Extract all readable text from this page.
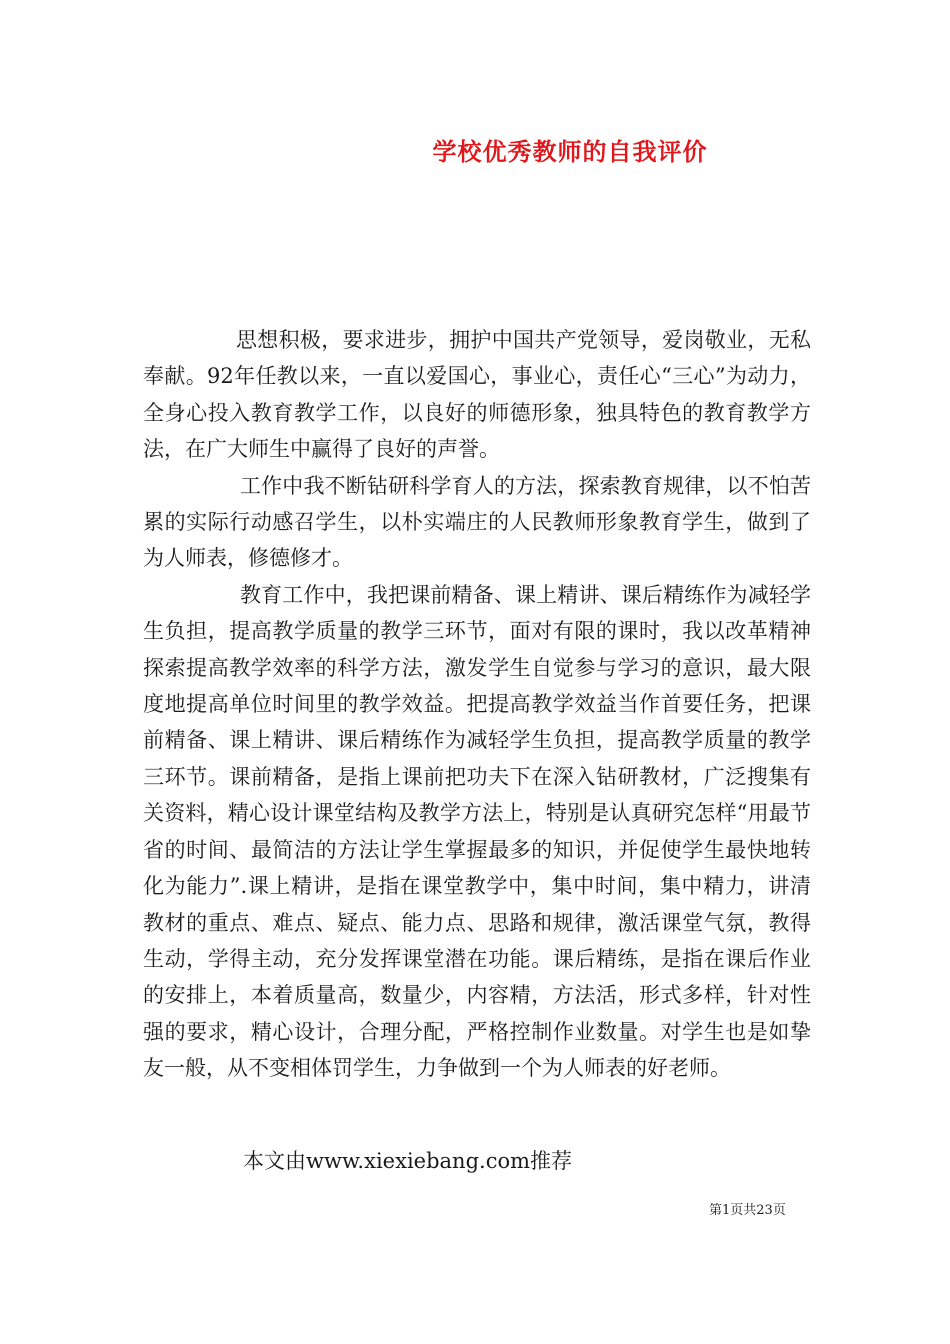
学校优秀教师的自我评价

思想积极，要求进步，拥护中国共产党领导，爱岗敬业，无私奉献。92年任教以来，一直以爱国心，事业心，责任心“三心”为动力，全身心投入教育教学工作，以良好的师德形象，独具特色的教育教学方法，在广大师生中赢得了良好的声誉。

工作中我不断钻研科学育人的方法，探索教育规律，以不怕苦累的实际行动感召学生，以朴实端庄的人民教师形象教育学生，做到了为人师表，修德修才。

教育工作中，我把课前精备、课上精讲、课后精练作为减轻学生负担，提高教学质量的教学三环节，面对有限的课时，我以改革精神探索提高教学效率的科学方法，激发学生自觉参与学习的意识，最大限度地提高单位时间里的教学效益。把提高教学效益当作首要任务，把课前精备、课上精讲、课后精练作为减轻学生负担，提高教学质量的教学三环节。课前精备，是指上课前把功夫下在深入钻研教材，广泛搜集有关资料，精心设计课堂结构及教学方法上，特别是认真研究怎样“用最节省的时间、最简洁的方法让学生掌握最多的知识，并促使学生最快地转化为能力”.课上精讲，是指在课堂教学中，集中时间，集中精力，讲清教材的重点、难点、疑点、能力点、思路和规律，激活课堂气氛，教得生动，学得主动，充分发挥课堂潜在功能。课后精练，是指在课后作业的安排上，本着质量高，数量少，内容精，方法活，形式多样，针对性强的要求，精心设计，合理分配，严格控制作业数量。对学生也是如挚友一般，从不变相体罚学生，力争做到一个为人师表的好老师。

本文由www.xiexiebang.com推荐
第1页共23页
